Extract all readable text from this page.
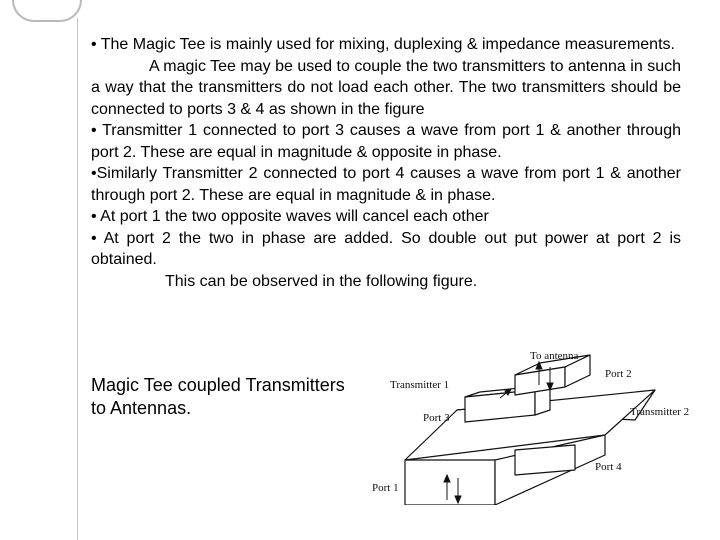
• The Magic Tee is mainly used for mixing, duplexing & impedance measurements.

A magic Tee may be used to couple the two transmitters to antenna in such a way that the transmitters do not load each other. The two transmitters should be connected to ports 3 & 4 as shown in the figure

• Transmitter 1 connected to port 3 causes a wave from port 1 & another through port 2. These are equal in magnitude & opposite in phase.

•Similarly Transmitter 2 connected to port 4 causes a wave from port 1 & another through port 2. These are equal in magnitude & in phase.

• At port 1 the two opposite waves will cancel each other

• At port 2 the two in phase are added. So double out put power at port 2 is obtained.

This can be observed in the following figure.

Magic Tee coupled Transmitters to Antennas.
To antenna
Transmitter 1
Port 2
Transmitter 2
Port 3
Port 4
Port 1
